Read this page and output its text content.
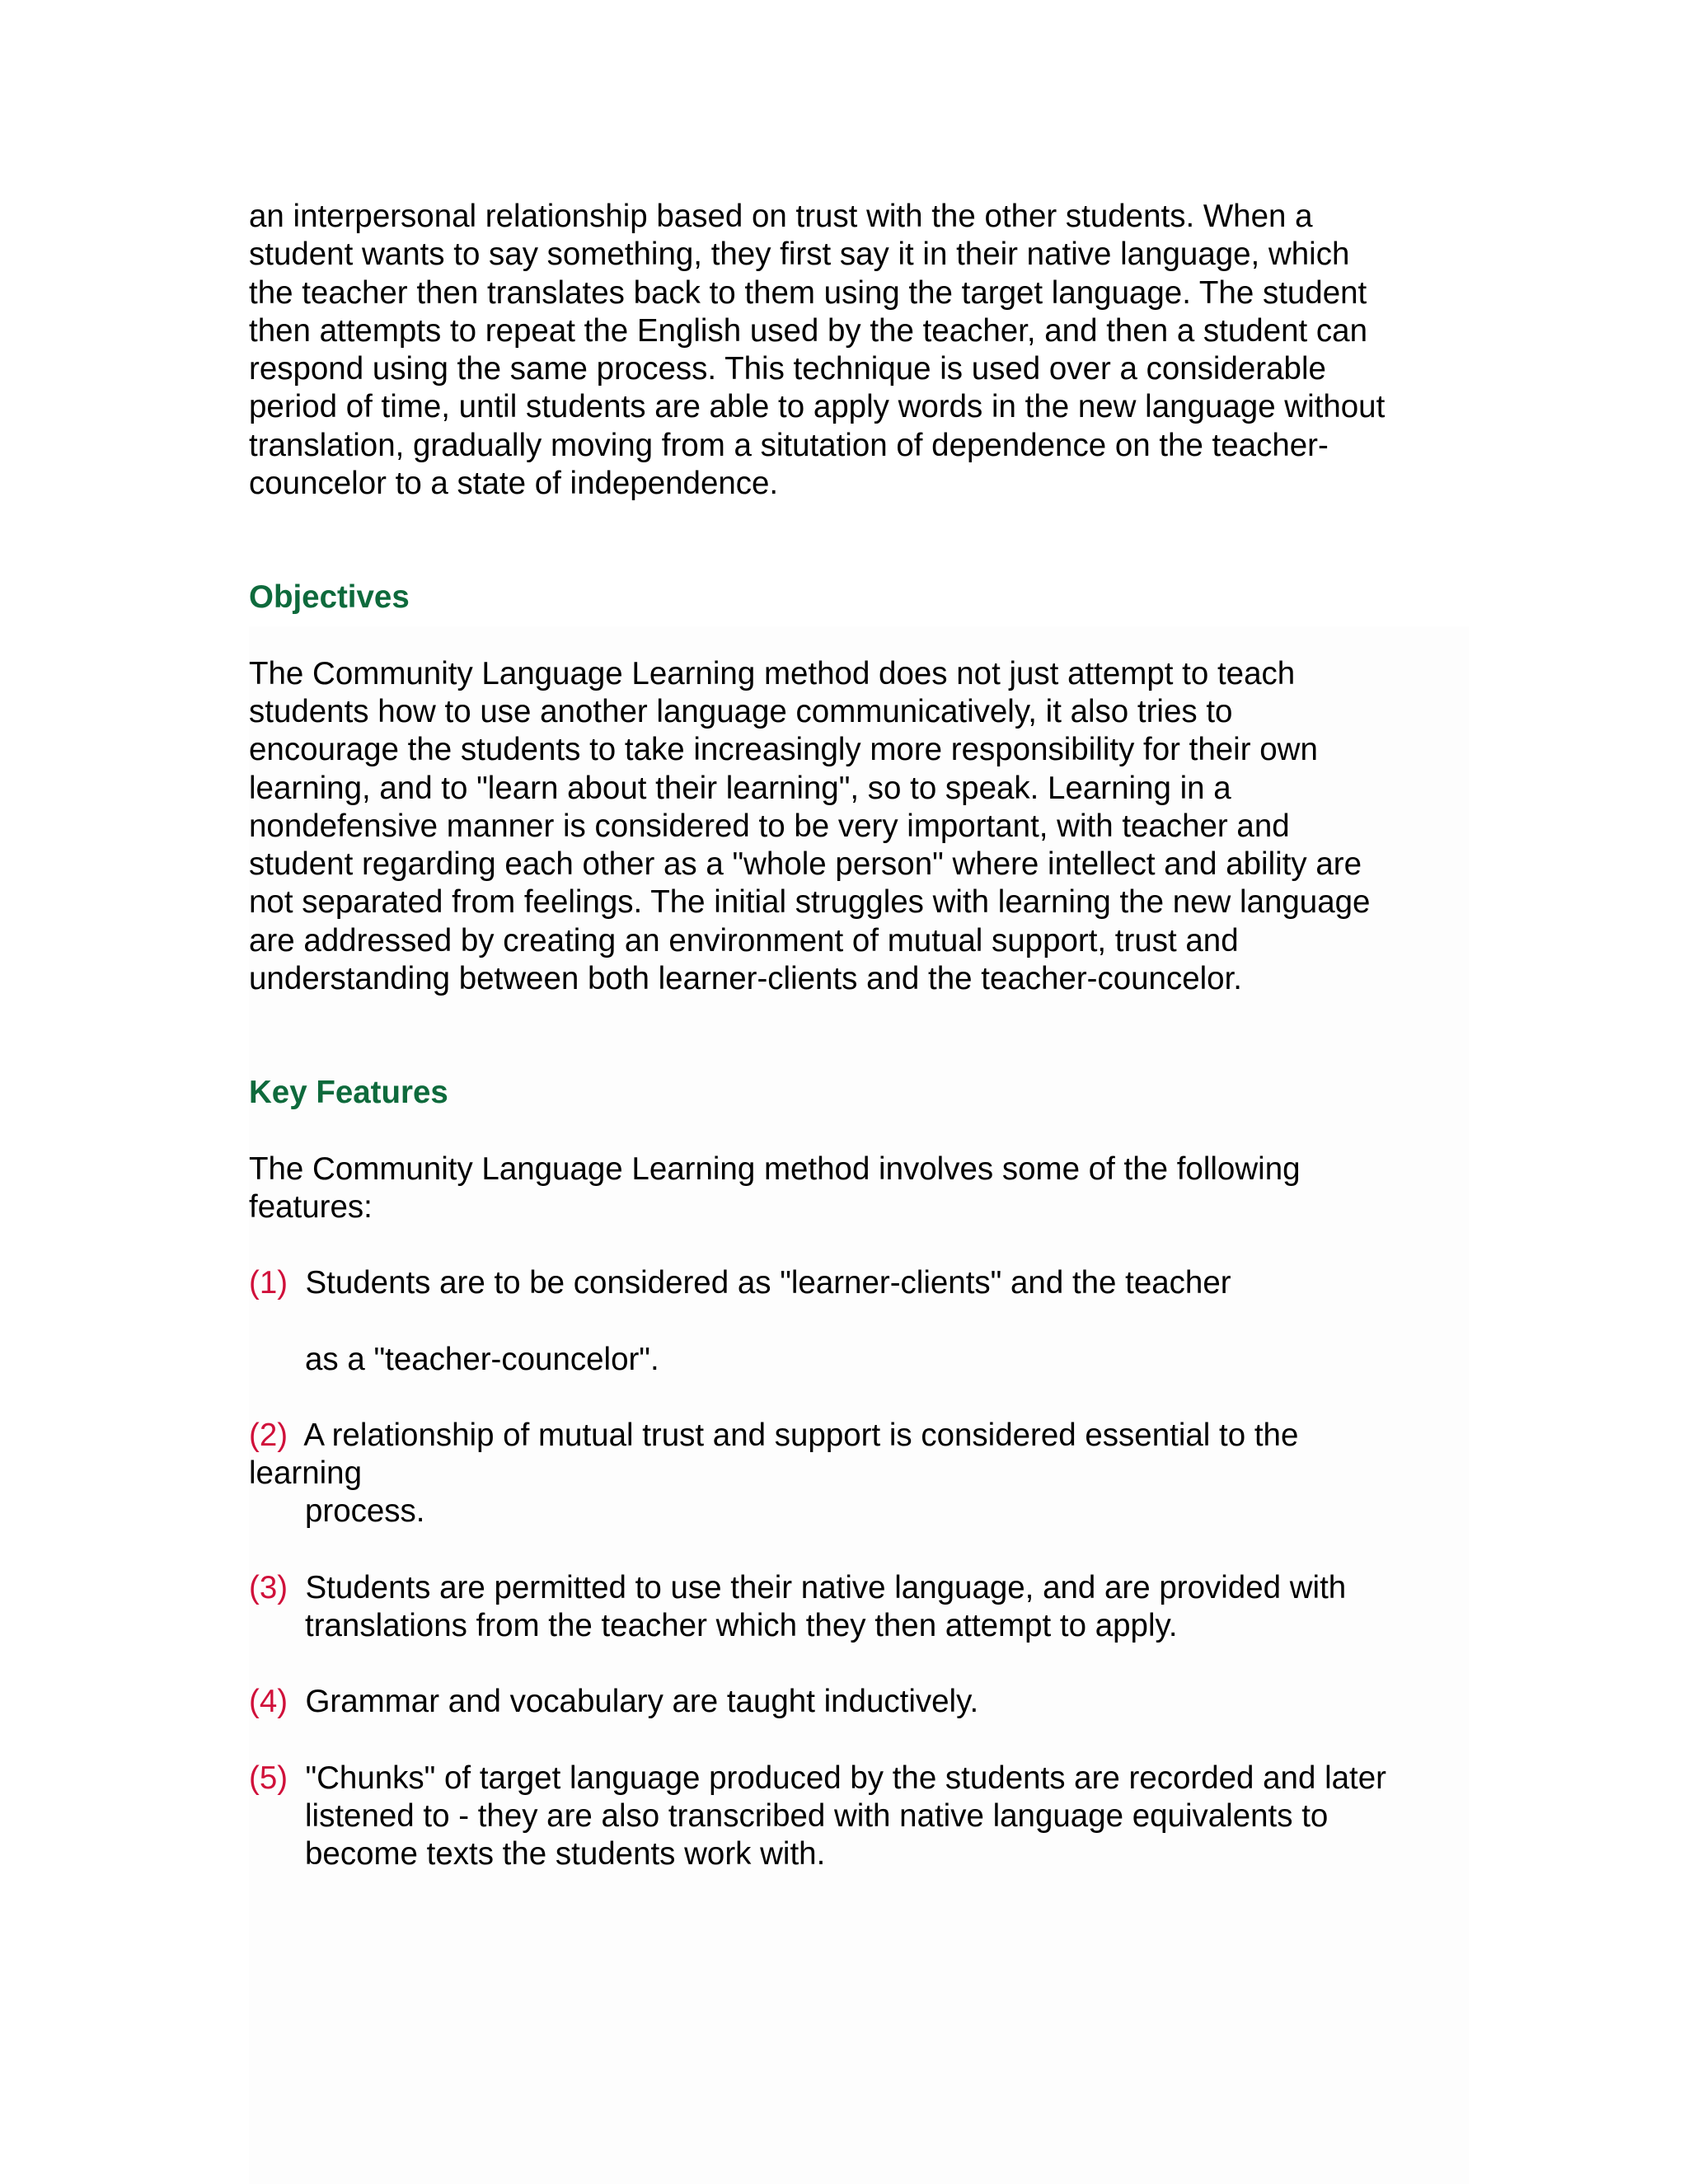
an interpersonal relationship based on trust with the other students. When a
student wants to say something, they first say it in their native language, which
the teacher then translates back to them using the target language. The student
then attempts to repeat the English used by the teacher, and then a student can
respond using the same process. This technique is used over a considerable
period of time, until students are able to apply words in the new language without
translation, gradually moving from a situtation of dependence on the teacher-
councelor to a state of independence.
Objectives
The Community Language Learning method does not just attempt to teach
students how to use another language communicatively, it also tries to
encourage the students to take increasingly more responsibility for their own
learning, and to "learn about their learning", so to speak. Learning in a
nondefensive manner is considered to be very important, with teacher and
student regarding each other as a "whole person" where intellect and ability are
not separated from feelings. The initial struggles with learning the new language
are addressed by creating an environment of mutual support, trust and
understanding between both learner-clients and the teacher-councelor.
Key Features
The Community Language Learning method involves some of the following
features:
(1)  Students are to be considered as "learner-clients" and the teacher
as a "teacher-councelor".
(2)  A relationship of mutual trust and support is considered essential to the
learning
process.
(3)  Students are permitted to use their native language, and are provided with
translations from the teacher which they then attempt to apply.
(4)  Grammar and vocabulary are taught inductively.
(5)  "Chunks" of target language produced by the students are recorded and later
listened to - they are also transcribed with native language equivalents to
become texts the students work with.
